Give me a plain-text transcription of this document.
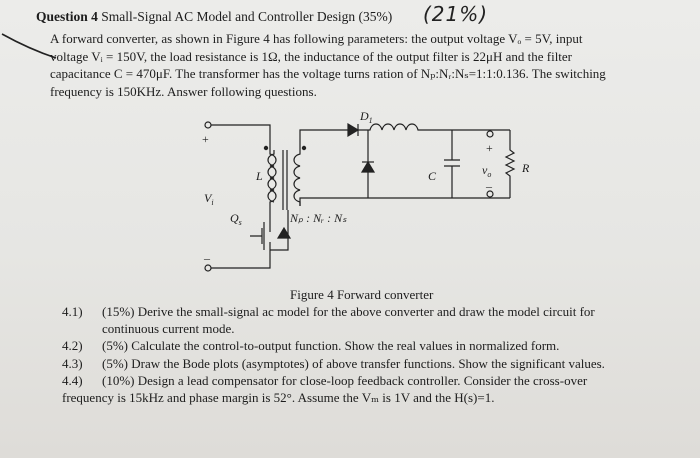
Question 4 Small-Signal AC Model and Controller Design (35%) (21%)

A forward converter, as shown in Figure 4 has following parameters: the output voltage Vₒ = 5V, input

voltage Vᵢ = 150V, the load resistance is 1Ω, the inductance of the output filter is 22μH and the filter

capacitance C = 470μF. The transformer has the voltage turns ration of Nₚ:Nᵣ:Nₛ=1:1:0.136. The switching

frequency is 150KHz. Answer following questions.

+
–
$V_i$
L
$Q_s$
$D_1$
C	$v_o$
+
–
R
Nₚ : Nᵣ : Nₛ
Figure 4 Forward converter
4.1)	(15%) Derive the small-signal ac model for the above converter and draw the model circuit for
continuous current mode.
4.2)	(5%) Calculate the control-to-output function. Show the real values in normalized form.
4.3)	(5%) Draw the Bode plots (asymptotes) of above transfer functions. Show the significant values.
4.4)	(10%) Design a lead compensator for close-loop feedback controller. Consider the cross-over
frequency is 15kHz and phase margin is 52°. Assume the Vₘ is 1V and the H(s)=1.
